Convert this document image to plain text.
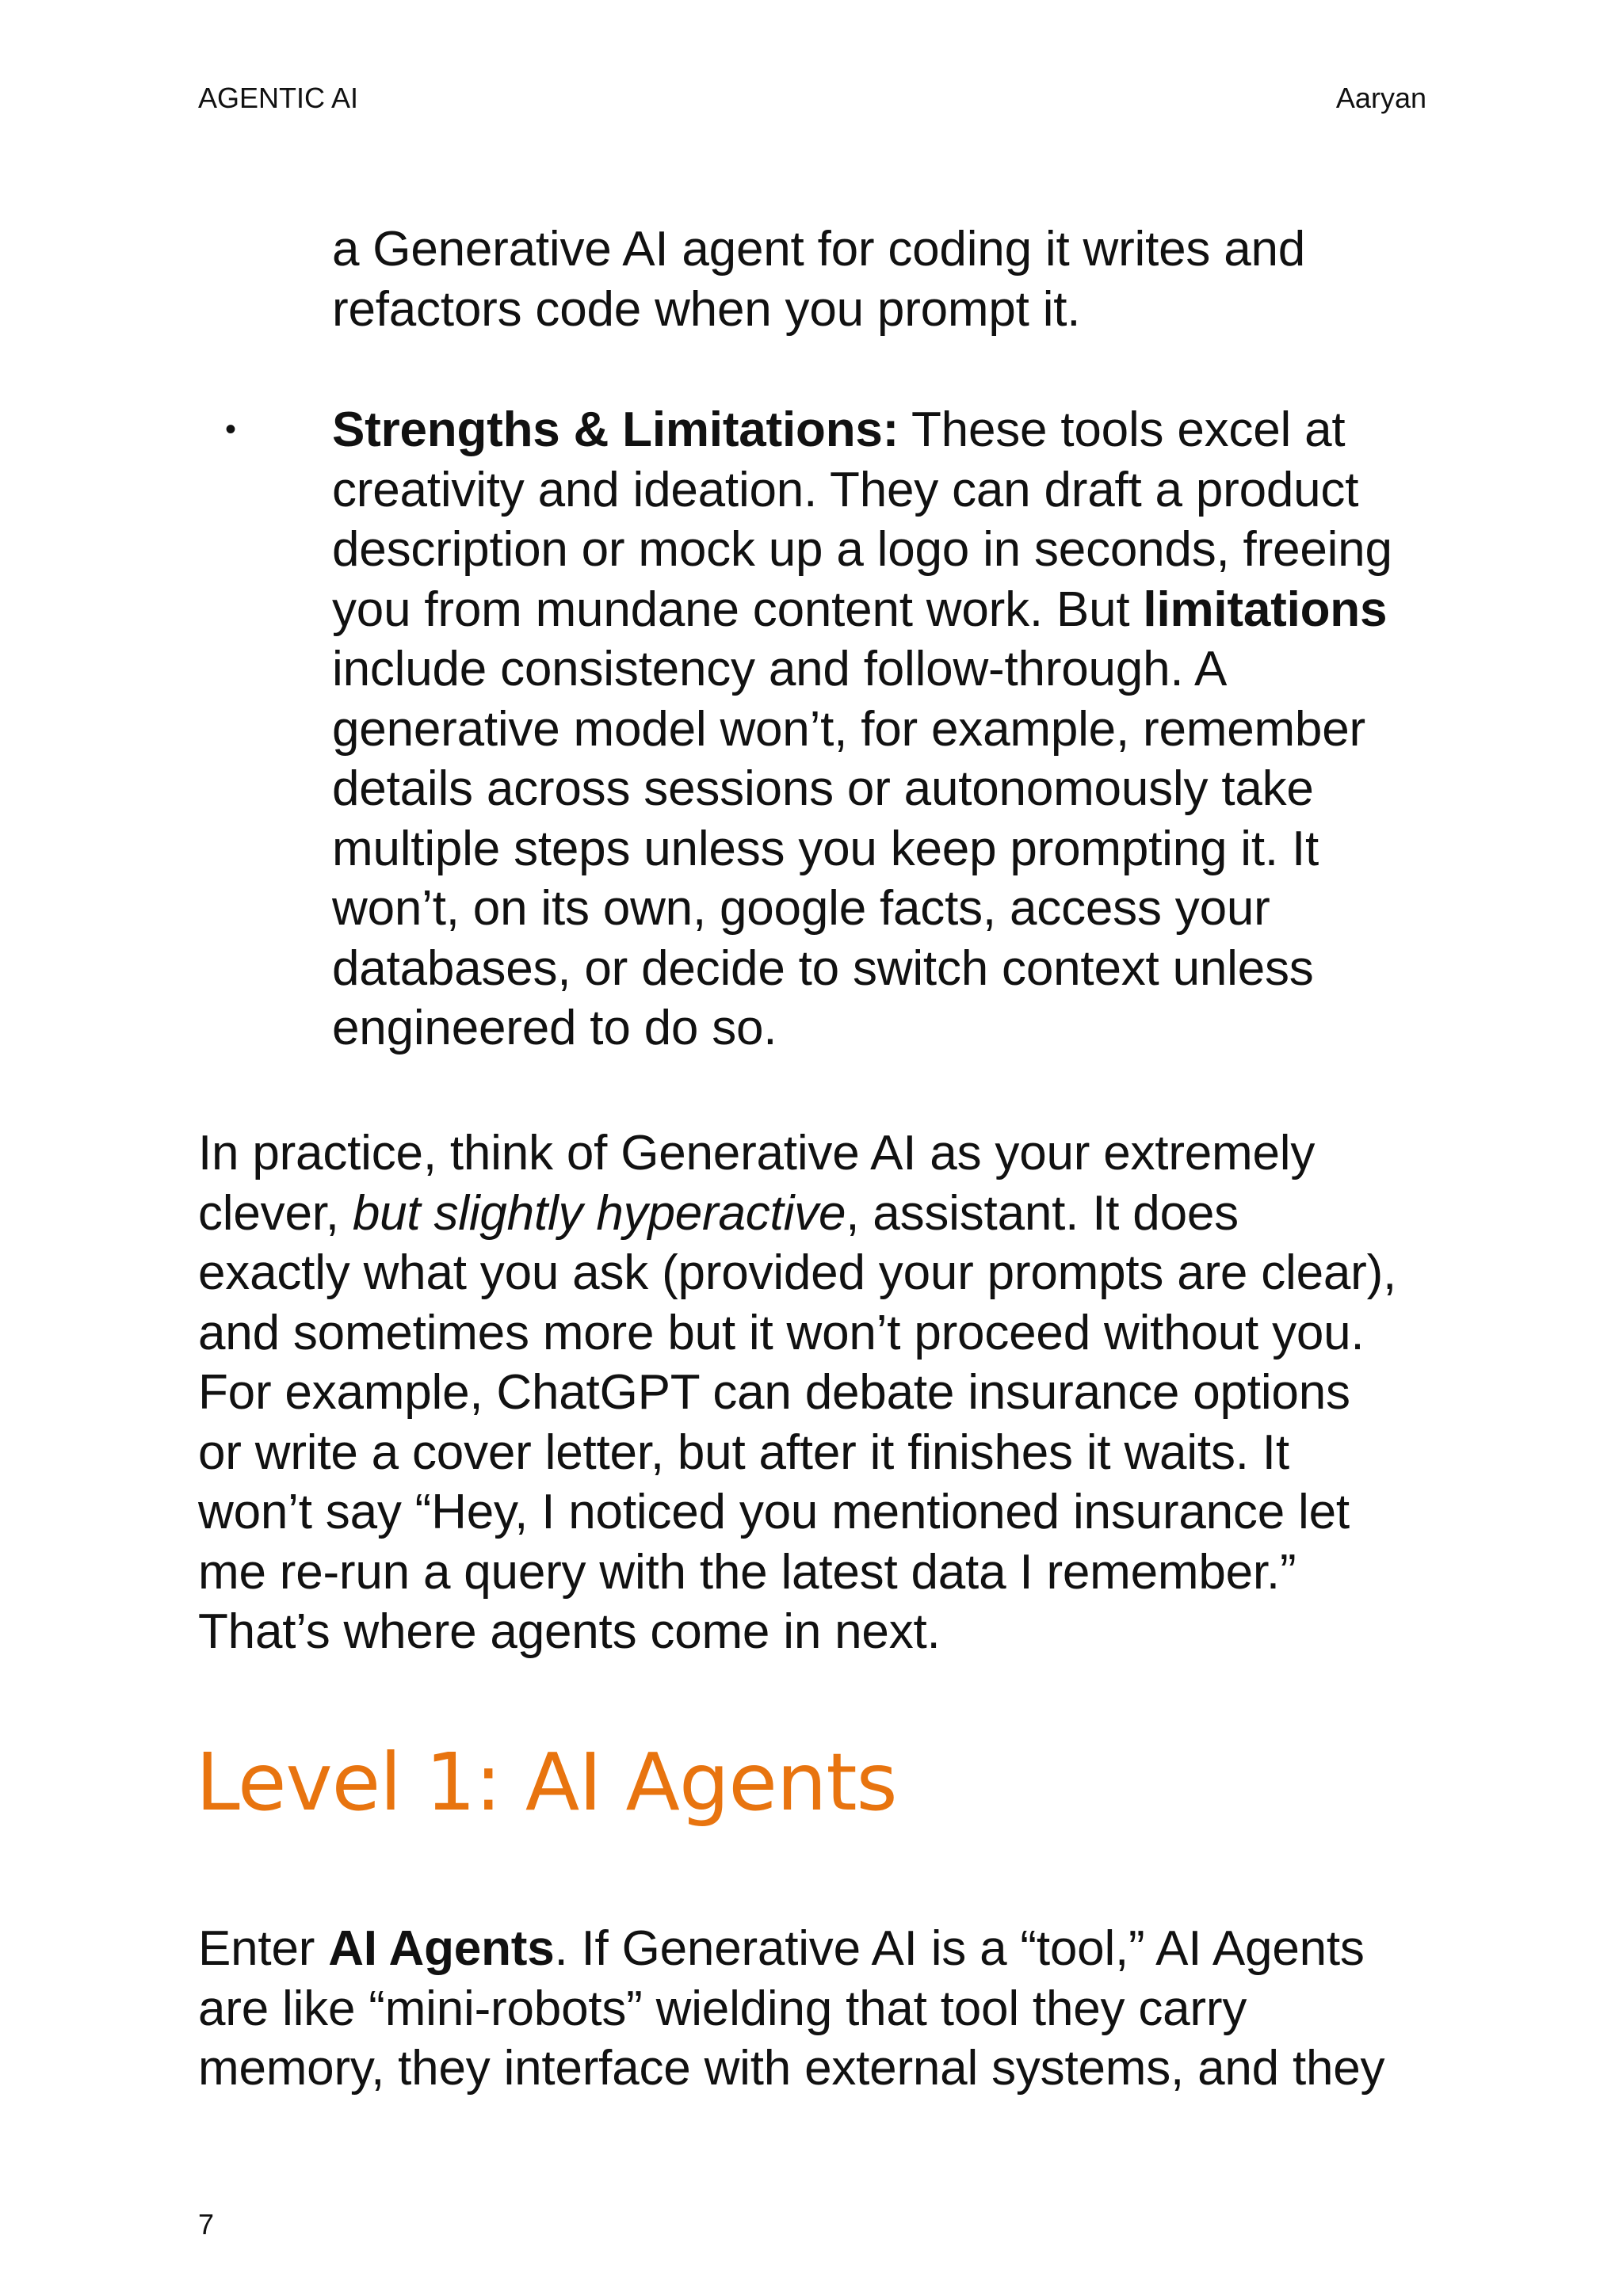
AGENTIC AI	Aaryan

a Generative AI agent for coding it writes and

refactors code when you prompt it.

• Strengths & Limitations: These tools excel at

creativity and ideation. They can draft a product

description or mock up a logo in seconds, freeing

you from mundane content work. But limitations

include consistency and follow-through. A

generative model won’t, for example, remember

details across sessions or autonomously take

multiple steps unless you keep prompting it. It

won’t, on its own, google facts, access your

databases, or decide to switch context unless

engineered to do so.

In practice, think of Generative AI as your extremely

clever, but slightly hyperactive, assistant. It does

exactly what you ask (provided your prompts are clear),

and sometimes more but it won’t proceed without you.

For example, ChatGPT can debate insurance options

or write a cover letter, but after it finishes it waits. It

won’t say “Hey, I noticed you mentioned insurance let

me re-run a query with the latest data I remember.”

That’s where agents come in next.

Level 1: AI Agents

Enter AI Agents. If Generative AI is a “tool,” AI Agents

are like “mini-robots” wielding that tool they carry

memory, they interface with external systems, and they

7
